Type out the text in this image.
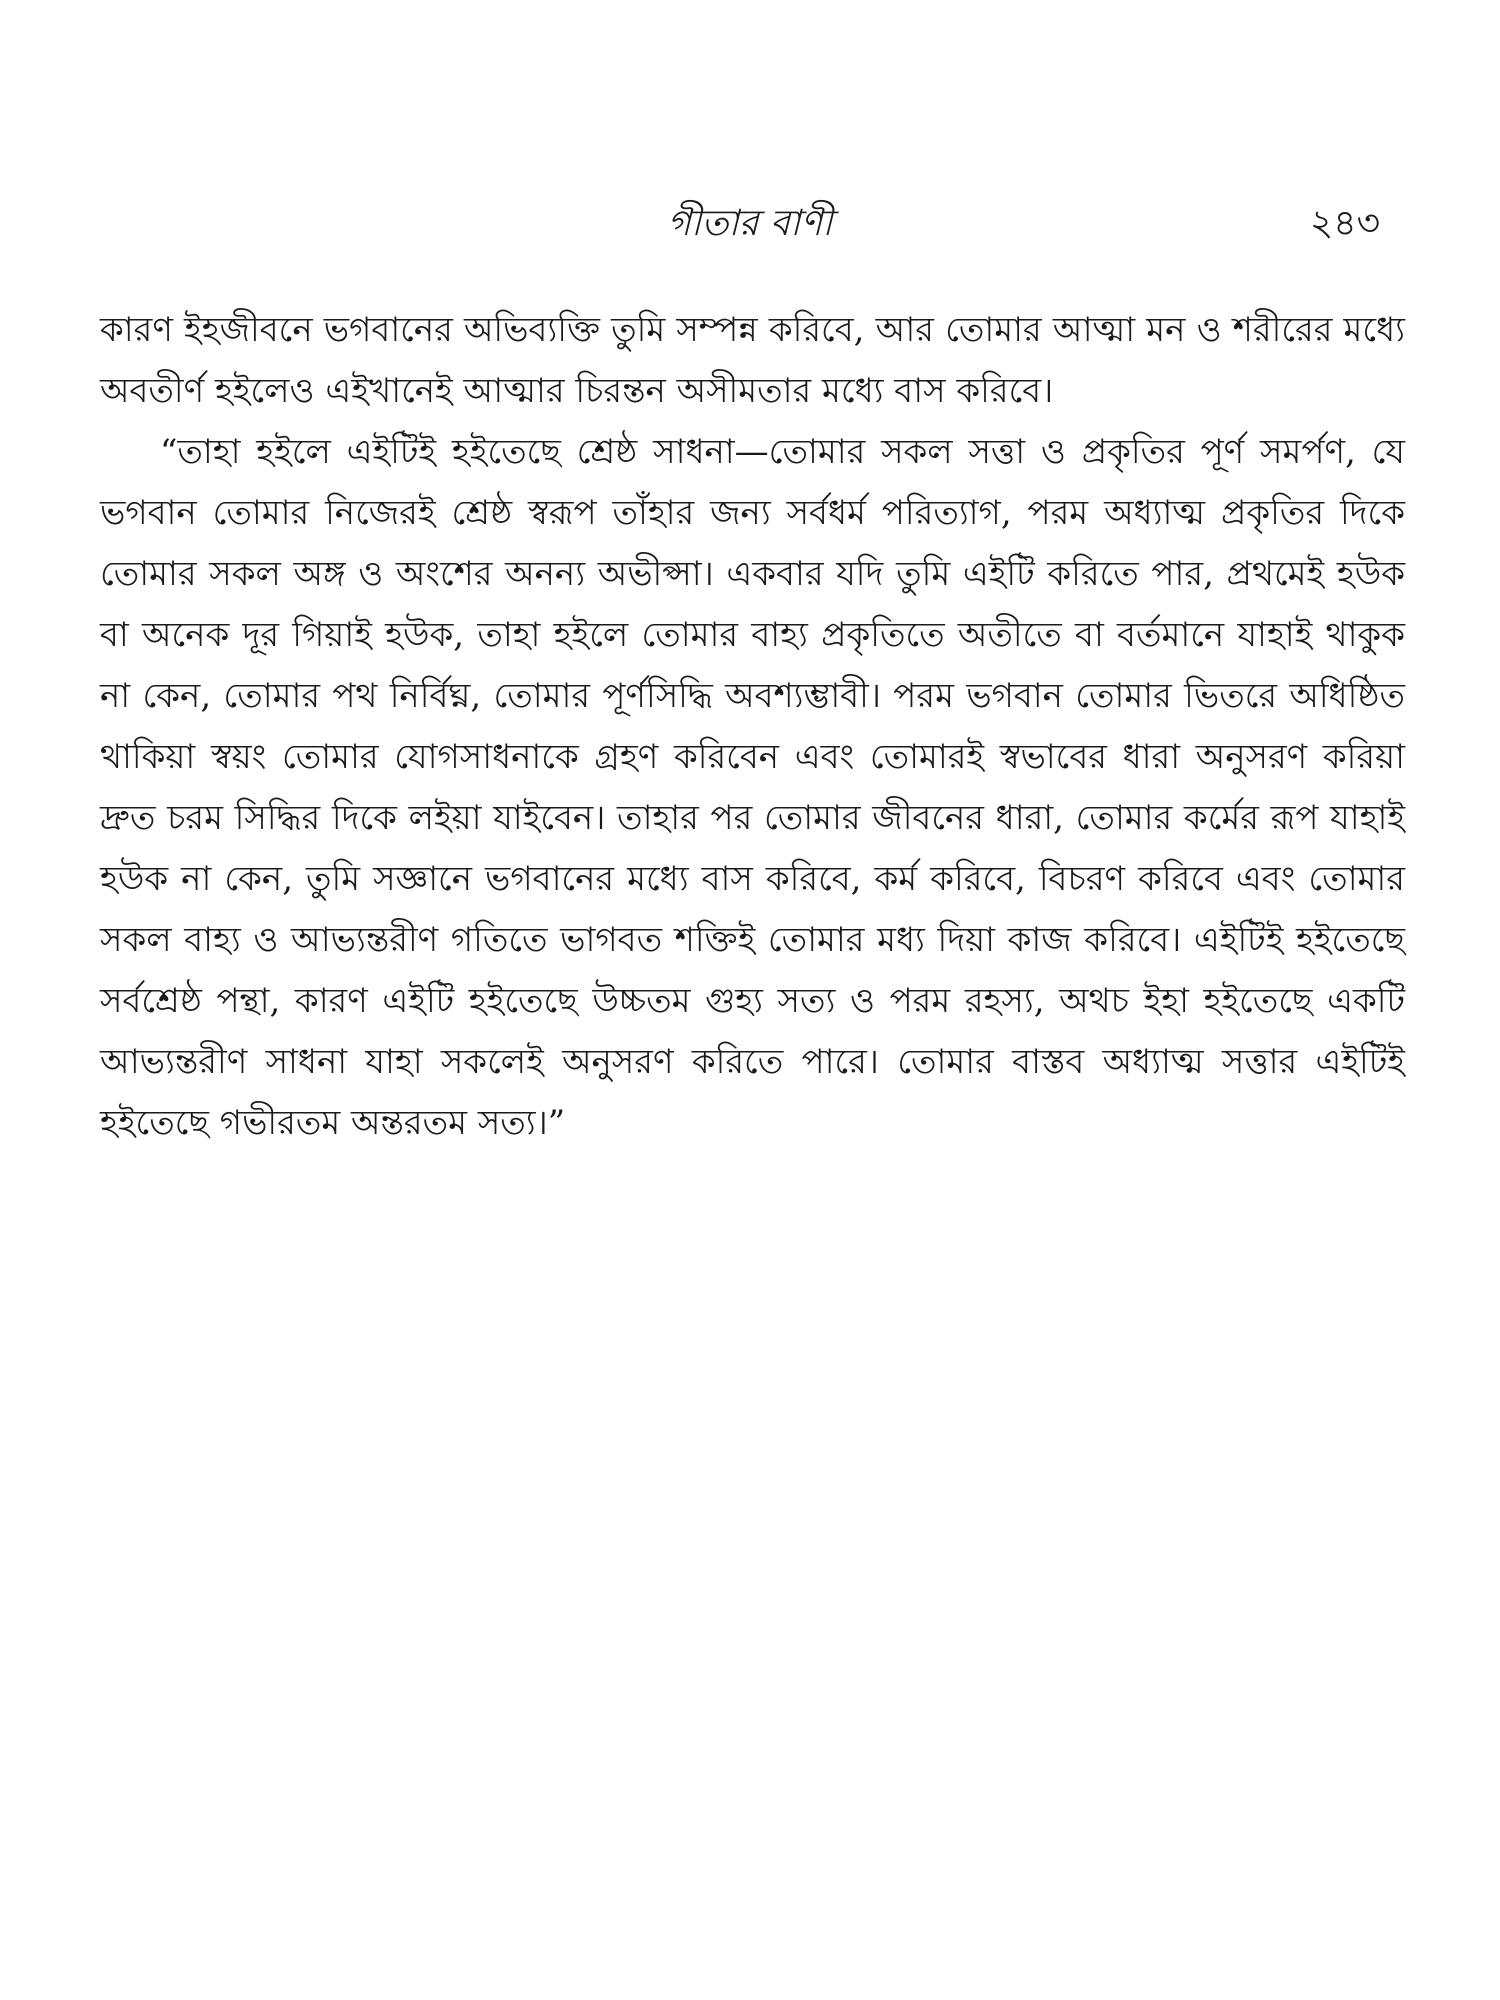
গীতার বাণী	২৪৩

কারণ ইহজীবনে ভগবানের অভিব্যক্তি তুমি সম্পন্ন করিবে, আর তোমার আত্মা মন ও শরীরের মধ্যে অবতীর্ণ হইলেও এইখানেই আত্মার চিরন্তন অসীমতার মধ্যে বাস করিবে।

“তাহা হইলে এইটিই হইতেছে শ্রেষ্ঠ সাধনা—তোমার সকল সত্তা ও প্রকৃতির পূর্ণ সমর্পণ, যে ভগবান তোমার নিজেরই শ্রেষ্ঠ স্বরূপ তাঁহার জন্য সর্বধর্ম পরিত্যাগ, পরম অধ্যাত্ম প্রকৃতির দিকে তোমার সকল অঙ্গ ও অংশের অনন্য অভীপ্সা। একবার যদি তুমি এইটি করিতে পার, প্রথমেই হউক বা অনেক দূর গিয়াই হউক, তাহা হইলে তোমার বাহ্য প্রকৃতিতে অতীতে বা বর্তমানে যাহাই থাকুক না কেন, তোমার পথ নির্বিঘ্ন, তোমার পূর্ণসিদ্ধি অবশ্যম্ভাবী। পরম ভগবান তোমার ভিতরে অধিষ্ঠিত থাকিয়া স্বয়ং তোমার যোগসাধনাকে গ্রহণ করিবেন এবং তোমারই স্বভাবের ধারা অনুসরণ করিয়া দ্রুত চরম সিদ্ধির দিকে লইয়া যাইবেন। তাহার পর তোমার জীবনের ধারা, তোমার কর্মের রূপ যাহাই হউক না কেন, তুমি সজ্ঞানে ভগবানের মধ্যে বাস করিবে, কর্ম করিবে, বিচরণ করিবে এবং তোমার সকল বাহ্য ও আভ্যন্তরীণ গতিতে ভাগবত শক্তিই তোমার মধ্য দিয়া কাজ করিবে। এইটিই হইতেছে সর্বশ্রেষ্ঠ পন্থা, কারণ এইটি হইতেছে উচ্চতম গুহ্য সত্য ও পরম রহস্য, অথচ ইহা হইতেছে একটি আভ্যন্তরীণ সাধনা যাহা সকলেই অনুসরণ করিতে পারে। তোমার বাস্তব অধ্যাত্ম সত্তার এইটিই হইতেছে গভীরতম অন্তরতম সত্য।”
